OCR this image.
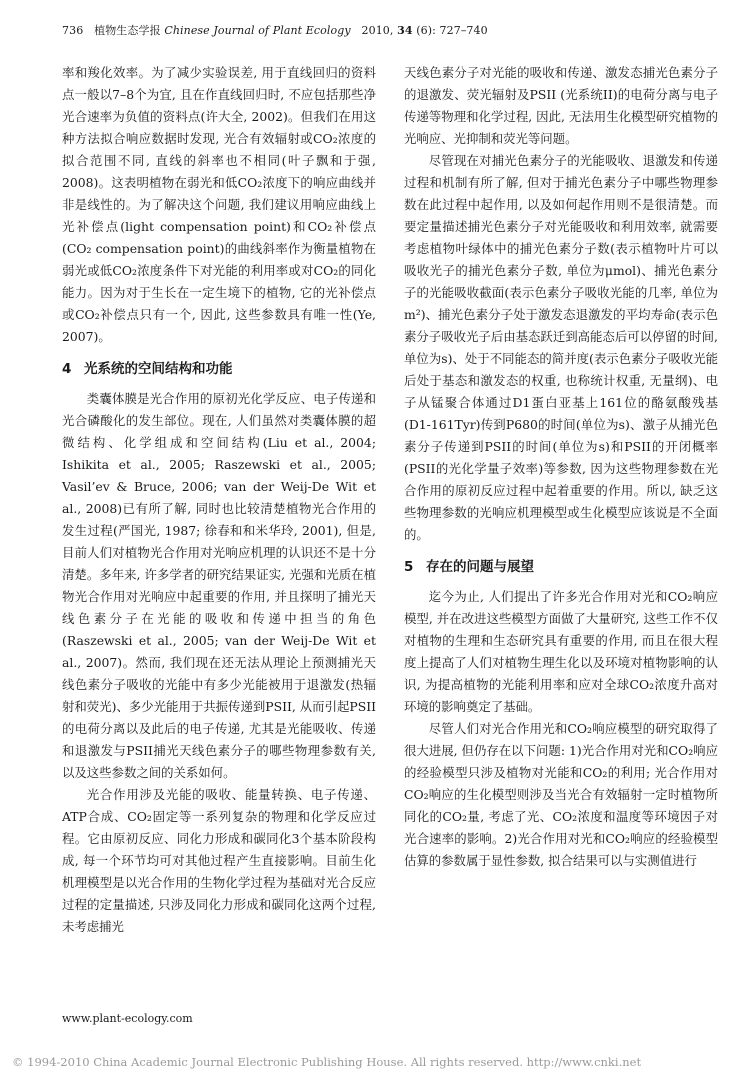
736 植物生态学报 Chinese Journal of Plant Ecology 2010, 34 (6): 727–740

率和羧化效率。为了减少实验误差, 用于直线回归的资料点一般以7–8个为宜, 且在作直线回归时, 不应包括那些净光合速率为负值的资料点(许大全, 2002)。但我们在用这种方法拟合响应数据时发现, 光合有效辐射或CO₂浓度的拟合范围不同, 直线的斜率也不相同(叶子飘和于强, 2008)。这表明植物在弱光和低CO₂浓度下的响应曲线并非是线性的。为了解决这个问题, 我们建议用响应曲线上光补偿点(light compensation point)和CO₂补偿点(CO₂ compensation point)的曲线斜率作为衡量植物在弱光或低CO₂浓度条件下对光能的利用率或对CO₂的同化能力。因为对于生长在一定生境下的植物, 它的光补偿点或CO₂补偿点只有一个, 因此, 这些参数具有唯一性(Ye, 2007)。

4 光系统的空间结构和功能

类囊体膜是光合作用的原初光化学反应、电子传递和光合磷酸化的发生部位。现在, 人们虽然对类囊体膜的超微结构、化学组成和空间结构(Liu et al., 2004; Ishikita et al., 2005; Raszewski et al., 2005; Vasil’ev & Bruce, 2006; van der Weij-De Wit et al., 2008)已有所了解, 同时也比较清楚植物光合作用的发生过程(严国光, 1987; 徐春和和米华玲, 2001), 但是, 目前人们对植物光合作用对光响应机理的认识还不是十分清楚。多年来, 许多学者的研究结果证实, 光强和光质在植物光合作用对光响应中起重要的作用, 并且探明了捕光天线色素分子在光能的吸收和传递中担当的角色(Raszewski et al., 2005; van der Weij-De Wit et al., 2007)。然而, 我们现在还无法从理论上预测捕光天线色素分子吸收的光能中有多少光能被用于退激发(热辐射和荧光)、多少光能用于共振传递到PSII, 从而引起PSII的电荷分离以及此后的电子传递, 尤其是光能吸收、传递和退激发与PSII捕光天线色素分子的哪些物理参数有关, 以及这些参数之间的关系如何。

光合作用涉及光能的吸收、能量转换、电子传递、ATP合成、CO₂固定等一系列复杂的物理和化学反应过程。它由原初反应、同化力形成和碳同化3个基本阶段构成, 每一个环节均可对其他过程产生直接影响。目前生化机理模型是以光合作用的生物化学过程为基础对光合反应过程的定量描述, 只涉及同化力形成和碳同化这两个过程, 未考虑捕光

天线色素分子对光能的吸收和传递、激发态捕光色素分子的退激发、荧光辐射及PSII (光系统II)的电荷分离与电子传递等物理和化学过程, 因此, 无法用生化模型研究植物的光响应、光抑制和荧光等问题。

尽管现在对捕光色素分子的光能吸收、退激发和传递过程和机制有所了解, 但对于捕光色素分子中哪些物理参数在此过程中起作用, 以及如何起作用则不是很清楚。而要定量描述捕光色素分子对光能吸收和利用效率, 就需要考虑植物叶绿体中的捕光色素分子数(表示植物叶片可以吸收光子的捕光色素分子数, 单位为μmol)、捕光色素分子的光能吸收截面(表示色素分子吸收光能的几率, 单位为m²)、捕光色素分子处于激发态退激发的平均寿命(表示色素分子吸收光子后由基态跃迁到高能态后可以停留的时间, 单位为s)、处于不同能态的简并度(表示色素分子吸收光能后处于基态和激发态的权重, 也称统计权重, 无量纲)、电子从锰聚合体通过D1蛋白亚基上161位的酪氨酸残基(D1-161Tyr)传到P680的时间(单位为s)、激子从捕光色素分子传递到PSII的时间(单位为s)和PSII的开闭概率(PSII的光化学量子效率)等参数, 因为这些物理参数在光合作用的原初反应过程中起着重要的作用。所以, 缺乏这些物理参数的光响应机理模型或生化模型应该说是不全面的。

5 存在的问题与展望

迄今为止, 人们提出了许多光合作用对光和CO₂响应模型, 并在改进这些模型方面做了大量研究, 这些工作不仅对植物的生理和生态研究具有重要的作用, 而且在很大程度上提高了人们对植物生理生化以及环境对植物影响的认识, 为提高植物的光能利用率和应对全球CO₂浓度升高对环境的影响奠定了基础。

尽管人们对光合作用光和CO₂响应模型的研究取得了很大进展, 但仍存在以下问题: 1)光合作用对光和CO₂响应的经验模型只涉及植物对光能和CO₂的利用; 光合作用对CO₂响应的生化模型则涉及当光合有效辐射一定时植物所同化的CO₂量, 考虑了光、CO₂浓度和温度等环境因子对光合速率的影响。2)光合作用对光和CO₂响应的经验模型估算的参数属于显性参数, 拟合结果可以与实测值进行

www.plant-ecology.com
© 1994-2010 China Academic Journal Electronic Publishing House. All rights reserved. http://www.cnki.net
